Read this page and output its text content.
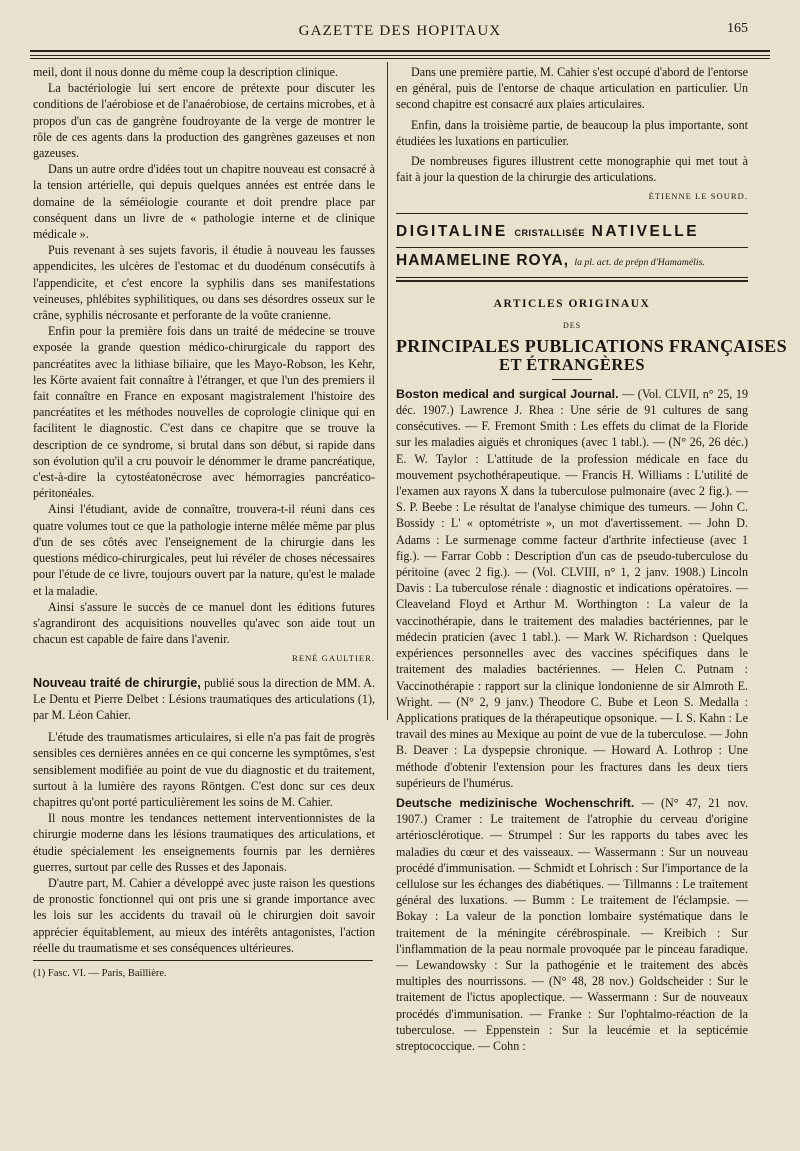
GAZETTE DES HOPITAUX	165

meil, dont il nous donne du même coup la description clinique.

La bactériologie lui sert encore de prétexte pour discuter les conditions de l'aérobiose et de l'anaérobiose, de certains microbes, et à propos d'un cas de gangrène foudroyante de la verge de montrer le rôle de ces agents dans la production des gangrènes gazeuses et non gazeuses.

Dans un autre ordre d'idées tout un chapitre nouveau est consacré à la tension artérielle, qui depuis quelques années est entrée dans le domaine de la séméiologie courante et doit prendre place par conséquent dans un livre de « pathologie interne et de clinique médicale ».

Puis revenant à ses sujets favoris, il étudie à nouveau les fausses appendicites, les ulcères de l'estomac et du duodénum consécutifs à l'appendicite, et c'est encore la syphilis dans ses manifestations veineuses, phlébites syphilitiques, ou dans ses désordres osseux sur le crâne, syphilis nécrosante et perforante de la voûte cranienne.

Enfin pour la première fois dans un traité de médecine se trouve exposée la grande question médico-chirurgicale du rapport des pancréatites avec la lithiase biliaire, que les Mayo-Robson, les Kehr, les Körte avaient fait connaître à l'étranger, et que l'un des premiers il fait connaître en France en exposant magistralement l'histoire des pancréatites et les méthodes nouvelles de coprologie clinique qui en facilitent le diagnostic. C'est dans ce chapitre que se trouve la description de ce syndrome, si brutal dans son début, si rapide dans son évolution qu'il a cru pouvoir le dénommer le drame pancréatique, c'est-à-dire la cytostéatonécrose avec hémorragies pancréatico-péritonéales.

Ainsi l'étudiant, avide de connaître, trouvera-t-il réuni dans ces quatre volumes tout ce que la pathologie interne mêlée même par plus d'un de ses côtés avec l'enseignement de la chirurgie dans les questions médico-chirurgicales, peut lui révéler de choses nécessaires pour l'étude de ce livre, toujours ouvert par la nature, qu'est le malade et la maladie.

Ainsi s'assure le succès de ce manuel dont les éditions futures s'agrandiront des acquisitions nouvelles qu'avec son aide tout un chacun est capable de faire dans l'avenir.

RENÉ GAULTIER.

Nouveau traité de chirurgie, publié sous la direction de MM. A. Le Dentu et Pierre Delbet : Lésions traumatiques des articulations (1), par M. Léon Cahier.

L'étude des traumatismes articulaires, si elle n'a pas fait de progrès sensibles ces dernières années en ce qui concerne les symptômes, s'est sensiblement modifiée au point de vue du diagnostic et du traitement, surtout à la lumière des rayons Röntgen. C'est donc sur ces deux chapitres qu'ont porté particulièrement les soins de M. Cahier.

Il nous montre les tendances nettement interventionnistes de la chirurgie moderne dans les lésions traumatiques des articulations, et étudie spécialement les enseignements fournis par les dernières guerres, surtout par celle des Russes et des Japonais.

D'autre part, M. Cahier a développé avec juste raison les questions de pronostic fonctionnel qui ont pris une si grande importance avec les lois sur les accidents du travail où le chirurgien doit savoir apprécier équitablement, au mieux des intérêts antagonistes, l'action réelle du traumatisme et ses conséquences ultérieures.

(1) Fasc. VI. — Paris, Baillière.

Dans une première partie, M. Cahier s'est occupé d'abord de l'entorse en général, puis de l'entorse de chaque articulation en particulier. Un second chapitre est consacré aux plaies articulaires.

Enfin, dans la troisième partie, de beaucoup la plus importante, sont étudiées les luxations en particulier.

De nombreuses figures illustrent cette monographie qui met tout à fait à jour la question de la chirurgie des articulations.

ÉTIENNE LE SOURD.
DIGITALINE CRISTALLISÉE NATIVELLE
HAMAMELINE ROYA, la pl. act. de prépn d'Hamamélis.
ARTICLES ORIGINAUX
DES
PRINCIPALES PUBLICATIONS FRANÇAISES
ET ÉTRANGÈRES

Boston medical and surgical Journal. — (Vol. CLVII, n° 25, 19 déc. 1907.) Lawrence J. Rhea : Une série de 91 cultures de sang consécutives. — F. Fremont Smith : Les effets du climat de la Floride sur les maladies aiguës et chroniques (avec 1 tabl.). — (N° 26, 26 déc.) E. W. Taylor : L'attitude de la profession médicale en face du mouvement psychothérapeutique. — Francis H. Williams : L'utilité de l'examen aux rayons X dans la tuberculose pulmonaire (avec 2 fig.). — S. P. Beebe : Le résultat de l'analyse chimique des tumeurs. — John C. Bossidy : L' « optométriste », un mot d'avertissement. — John D. Adams : Le surmenage comme facteur d'arthrite infectieuse (avec 1 fig.). — Farrar Cobb : Description d'un cas de pseudo-tuberculose du péritoine (avec 2 fig.). — (Vol. CLVIII, n° 1, 2 janv. 1908.) Lincoln Davis : La tuberculose rénale : diagnostic et indications opératoires. — Cleaveland Floyd et Arthur M. Worthington : La valeur de la vaccinothérapie, dans le traitement des maladies bactériennes, par le médecin praticien (avec 1 tabl.). — Mark W. Richardson : Quelques expériences personnelles avec des vaccines spécifiques dans le traitement des maladies bactériennes. — Helen C. Putnam : Vaccinothérapie : rapport sur la clinique londonienne de sir Almroth E. Wright. — (N° 2, 9 janv.) Theodore C. Bube et Leon S. Medalla : Applications pratiques de la thérapeutique opsonique. — I. S. Kahn : Le travail des mines au Mexique au point de vue de la tuberculose. — John B. Deaver : La dyspepsie chronique. — Howard A. Lothrop : Une méthode d'obtenir l'extension pour les fractures dans les deux tiers supérieurs de l'humérus.

Deutsche medizinische Wochenschrift. — (N° 47, 21 nov. 1907.) Cramer : Le traitement de l'atrophie du cerveau d'origine artériosclérotique. — Strumpel : Sur les rapports du tabes avec les maladies du cœur et des vaisseaux. — Wassermann : Sur un nouveau procédé d'immunisation. — Schmidt et Lohrisch : Sur l'importance de la cellulose sur les échanges des diabétiques. — Tillmanns : Le traitement général des luxations. — Bumm : Le traitement de l'éclampsie. — Bokay : La valeur de la ponction lombaire systématique dans le traitement de la méningite cérébrospinale. — Kreibich : Sur l'inflammation de la peau normale provoquée par le pinceau faradique. — Lewandowsky : Sur la pathogénie et le traitement des abcès multiples des nourrissons. — (N° 48, 28 nov.) Goldscheider : Sur le traitement de l'ictus apoplectique. — Wassermann : Sur de nouveaux procédés d'immunisation. — Franke : Sur l'ophtalmo-réaction de la tuberculose. — Eppenstein : Sur la leucémie et la septicémie streptococcique. — Cohn :
